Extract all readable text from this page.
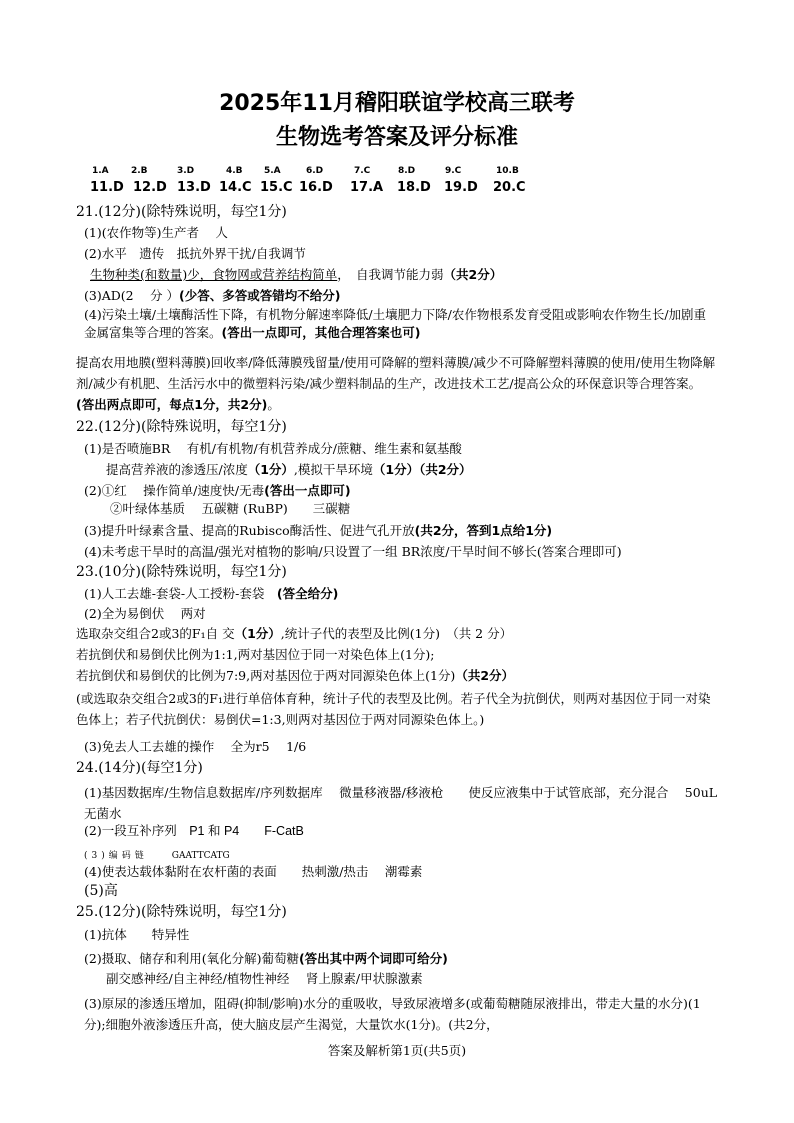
2025年11月稽阳联谊学校高三联考
生物选考答案及评分标准
1.A 2.B	3.D	4.B 5.A	6.D	7.C	8.D	9.C	10.B
11.D 12.D 13.D 14.C 15.C 16.D 17.A 18.D 19.D 20.C
21.(12分)(除特殊说明，每空1分)
(1)(农作物等)生产者　 人
(2)水平　遗传　抵抗外界干扰/自我调节
生物种类(和数量)少，食物网或营养结构简单，　自我调节能力弱（共2分）
(3)AD(2　 分 ）(少答、多答或答错均不给分)
(4)污染土壤/土壤酶活性下降，有机物分解速率降低/土壤肥力下降/农作物根系发育受阻或影响农作物生长/加剧重金属富集等合理的答案。(答出一点即可，其他合理答案也可)
提高农用地膜(塑料薄膜)回收率/降低薄膜残留量/使用可降解的塑料薄膜/减少不可降解塑料薄膜的使用/使用生物降解剂/减少有机肥、生活污水中的微塑料污染/减少塑料制品的生产，改进技术工艺/提高公众的环保意识等合理答案。(答出两点即可，每点1分，共2分)。
22.(12分)(除特殊说明，每空1分)
(1)是否喷施BR　 有机/有机物/有机营养成分/蔗糖、维生素和氨基酸
提高营养液的渗透压/浓度（1分）,模拟干旱环境（1分）（共2分）
(2)①红　 操作简单/速度快/无毒(答出一点即可)
②叶绿体基质　 五碳糖 (RuBP)　　三碳糖
(3)提升叶绿素含量、提高的Rubisco酶活性、促进气孔开放(共2分，答到1点给1分)
(4)未考虑干旱时的高温/强光对植物的影响/只设置了一组 BR浓度/干旱时间不够长(答案合理即可)
23.(10分)(除特殊说明，每空1分)
(1)人工去雄-套袋-人工授粉-套袋　(答全给分)
(2)全为易倒伏　 两对
选取杂交组合2或3的F₁自 交（1分）,统计子代的表型及比例(1分)　（共 2 分）
若抗倒伏和易倒伏比例为1:1,两对基因位于同一对染色体上(1分);
若抗倒伏和易倒伏的比例为7:9,两对基因位于两对同源染色体上(1分)（共2分）
(或选取杂交组合2或3的F₁进行单倍体育种，统计子代的表型及比例。若子代全为抗倒伏，则两对基因位于同一对染色体上；若子代抗倒伏：易倒伏=1:3,则两对基因位于两对同源染色体上。)
(3)免去人工去雄的操作　 全为r5　 1/6
24.(14分)(每空1分)
(1)基因数据库/生物信息数据库/序列数据库　 微量移液器/移液枪　　使反应液集中于试管底部，充分混合　 50uL　无菌水
(2)一段互补序列　P1 和 P4　　F-CatB
(3)编码链	GAATTCATG
(4)使表达载体黏附在农杆菌的表面　　热刺激/热击　 潮霉素
(5)高
25.(12分)(除特殊说明，每空1分)
(1)抗体　　特异性
(2)摄取、储存和利用(氧化分解)葡萄糖(答出其中两个词即可给分)
副交感神经/自主神经/植物性神经　 肾上腺素/甲状腺激素
(3)原尿的渗透压增加，阻碍(抑制/影响)水分的重吸收，导致尿液增多(或葡萄糖随尿液排出，带走大量的水分)(1分);细胞外液渗透压升高，使大脑皮层产生渴觉，大量饮水(1分)。(共2分，
答案及解析第1页(共5页)
